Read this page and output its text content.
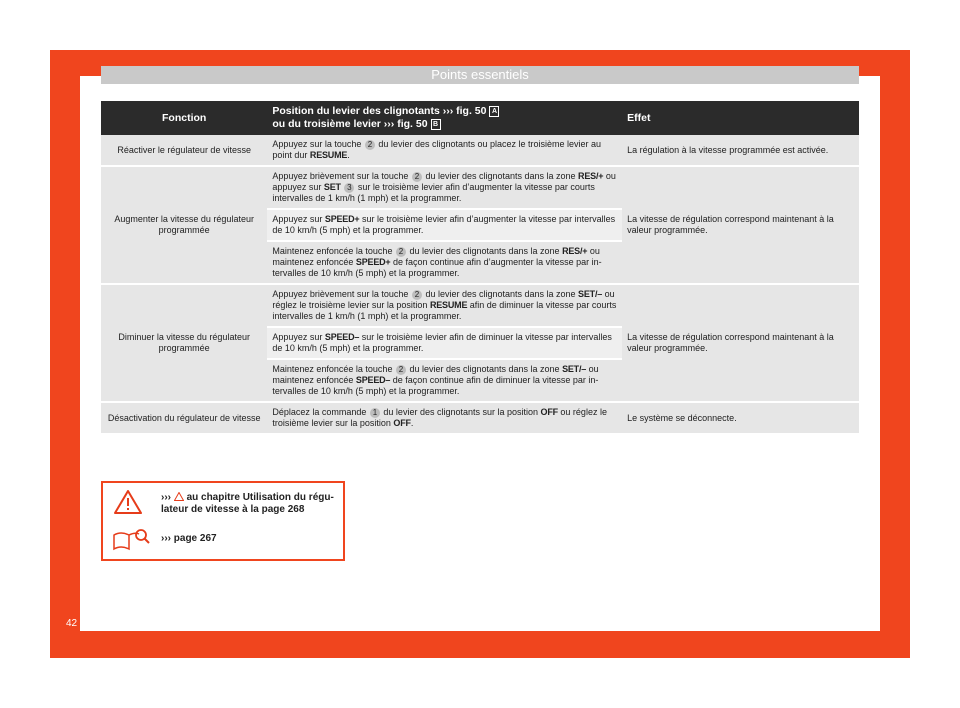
Points essentiels
Fonction	Position du levier des clignotants ››› fig. 50 A
ou du troisième levier ››› fig. 50 B	Effet
Réactiver le régulateur de vitesse	Appuyez sur la touche 2 du levier des clignotants ou placez le troisième levier au point dur RESUME.	La régulation à la vitesse programmée est activée.
Augmenter la vitesse du régulateur programmée	Appuyez brièvement sur la touche 2 du levier des clignotants dans la zone RES/+ ou appuyez sur SET 3 sur le troisième levier afin d’augmenter la vitesse par courts intervalles de 1 km/h (1 mph) et la programmer.	La vitesse de régulation correspond maintenant à la valeur programmée.
	Appuyez sur SPEED+ sur le troisième levier afin d’augmenter la vitesse par intervalles de 10 km/h (5 mph) et la programmer.	
	Maintenez enfoncée la touche 2 du levier des clignotants dans la zone RES/+ ou maintenez enfoncée SPEED+ de façon continue afin d’augmenter la vitesse par intervalles de 10 km/h (5 mph) et la programmer.	
Diminuer la vitesse du régulateur programmée	Appuyez brièvement sur la touche 2 du levier des clignotants dans la zone SET/– ou réglez le troisième levier sur la position RESUME afin de diminuer la vitesse par courts intervalles de 1 km/h (1 mph) et la programmer.	La vitesse de régulation correspond maintenant à la valeur programmée.
	Appuyez sur SPEED– sur le troisième levier afin de diminuer la vitesse par intervalles de 10 km/h (5 mph) et la programmer.	
	Maintenez enfoncée la touche 2 du levier des clignotants dans la zone SET/– ou maintenez enfoncée SPEED– de façon continue afin de diminuer la vitesse par intervalles de 10 km/h (5 mph) et la programmer.	
Désactivation du régulateur de vitesse	Déplacez la commande 1 du levier des clignotants sur la position OFF ou réglez le troisième levier sur la position OFF.	Le système se déconnecte.
››› au chapitre Utilisation du régulateur de vitesse à la page 268
››› page 267
42
